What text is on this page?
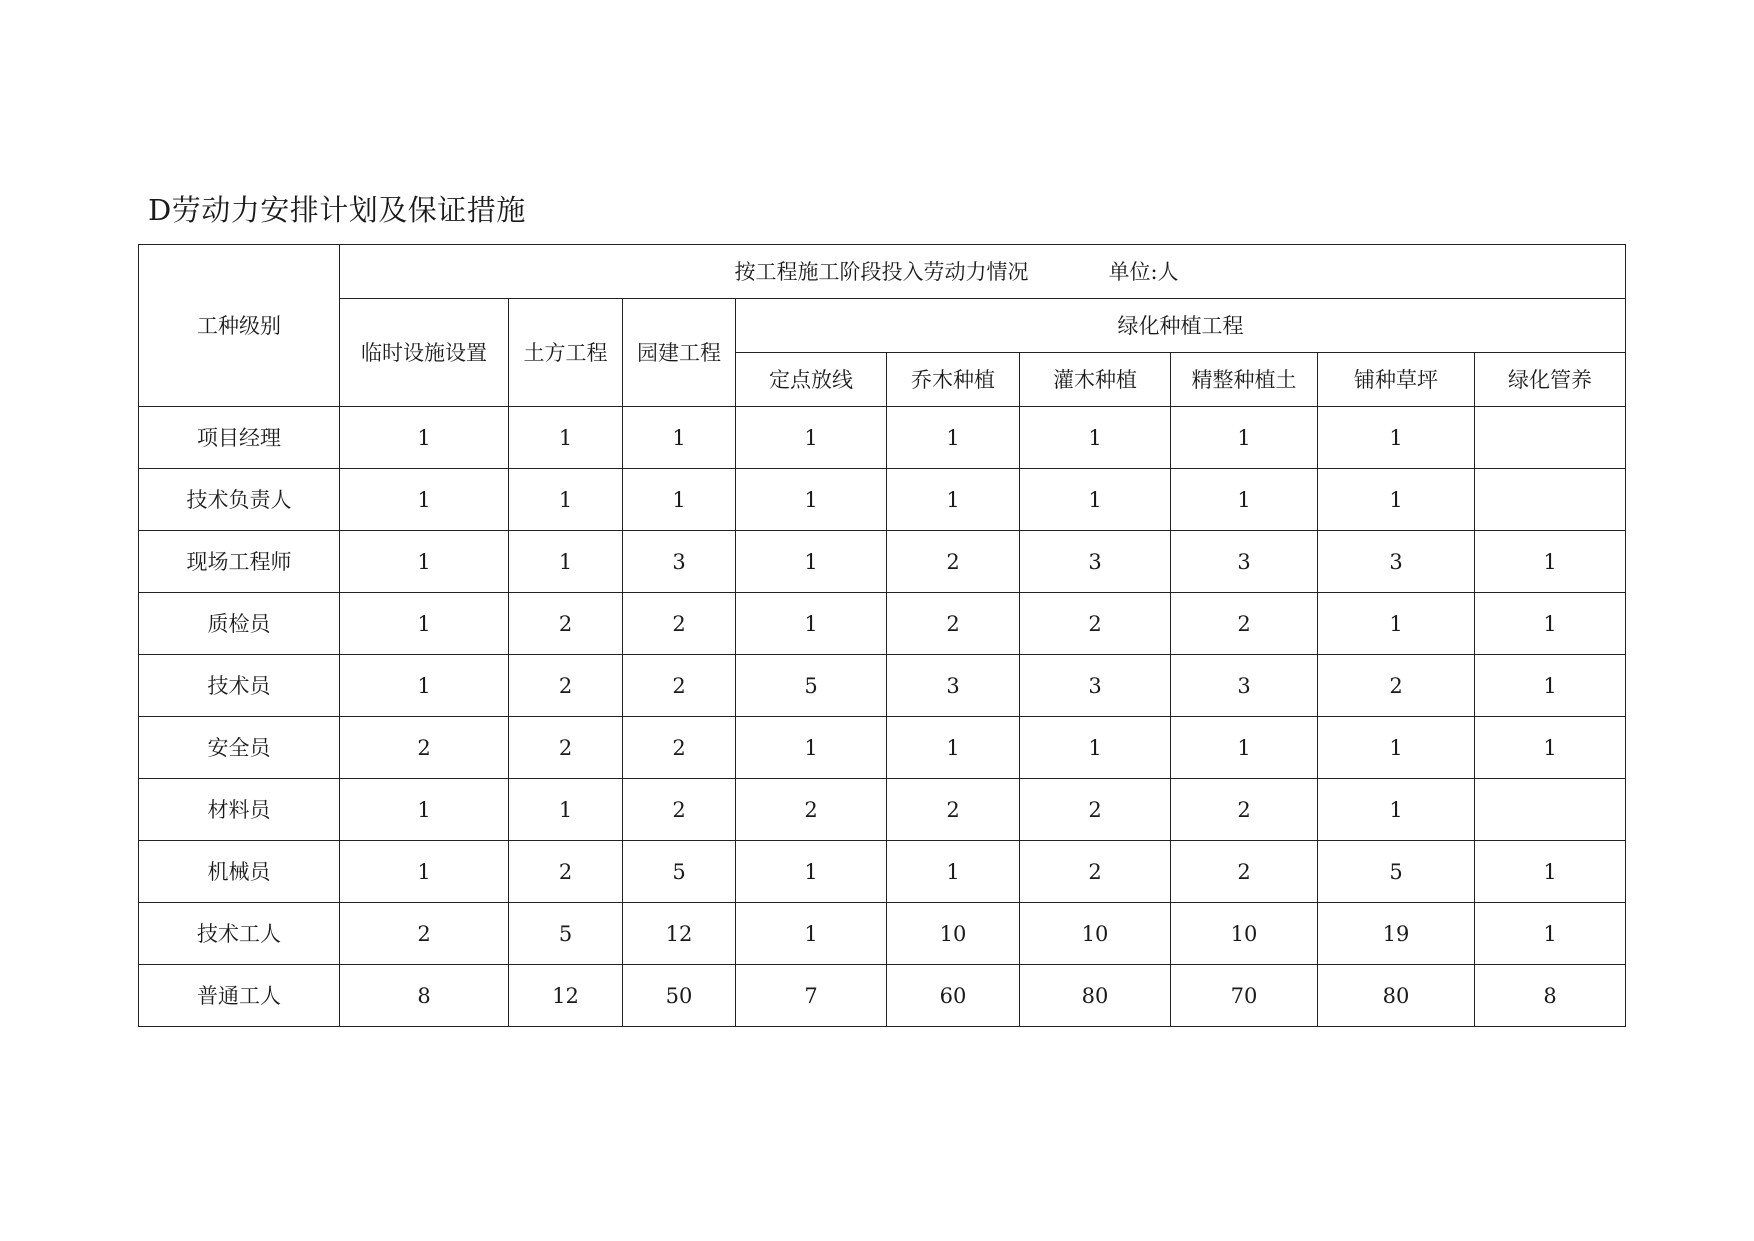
D劳动力安排计划及保证措施
工种级别	按工程施工阶段投入劳动力情况 单位:人								
	临时设施设置	土方工程	园建工程	绿化种植工程					
				定点放线	乔木种植	灌木种植	精整种植土	铺种草坪	绿化管养
项目经理	1	1	1	1	1	1	1	1	
技术负责人	1	1	1	1	1	1	1	1	
现场工程师	1	1	3	1	2	3	3	3	1
质检员	1	2	2	1	2	2	2	1	1
技术员	1	2	2	5	3	3	3	2	1
安全员	2	2	2	1	1	1	1	1	1
材料员	1	1	2	2	2	2	2	1	
机械员	1	2	5	1	1	2	2	5	1
技术工人	2	5	12	1	10	10	10	19	1
普通工人	8	12	50	7	60	80	70	80	8
